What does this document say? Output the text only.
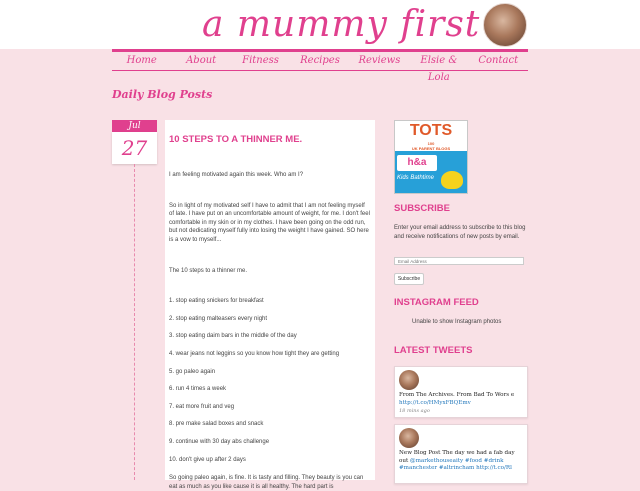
a mummy first
Home	About	Fitness	Recipes	Reviews	Elsie & Lola
Contact
Daily Blog Posts
Jul
27	10 STEPS TO A THINNER ME.

I am feeling motivated again this week. Who am I?

So in light of my motivated self I have to admit that I am not feeling myself of late. I have put on an uncomfortable amount of weight, for me. I don't feel comfortable in my skin or in my clothes. I have been going on the odd run, but not dedicating myself fully into losing the weight I have gained. SO here is a vow to myself...

The 10 steps to a thinner me.

1. stop eating snickers for breakfast

2. stop eating malteasers every night

3. stop eating daim bars in the middle of the day

4. wear jeans not leggins so you know how tight they are getting

5. go paleo again

6. run 4 times a week

7. eat more fruit and veg

8. pre make salad boxes and snack

9. continue with 30 day abs challenge

10. don't give up after 2 days

So going paleo again, is fine. It is tasty and filling. They beauty is you can eat as much as you like cause it is all healthy. The hard part is

TOTS
100
UK PARENT BLOGS
h&a
Kids Bathtime
SUBSCRIBE
Enter your email address to subscribe to this blog and receive notifications of new posts by email.
Email Address
Subscribe
INSTAGRAM FEED
Unable to show Instagram photos
LATEST TWEETS
From The Archives. From Bad To Wors e http://t.co/HMyxFBQEmv
18 mins ago
New Blog Post The day we had a fab day out @markethouseaity #food #drink #manchester #altrincham http://t.co/Rl
